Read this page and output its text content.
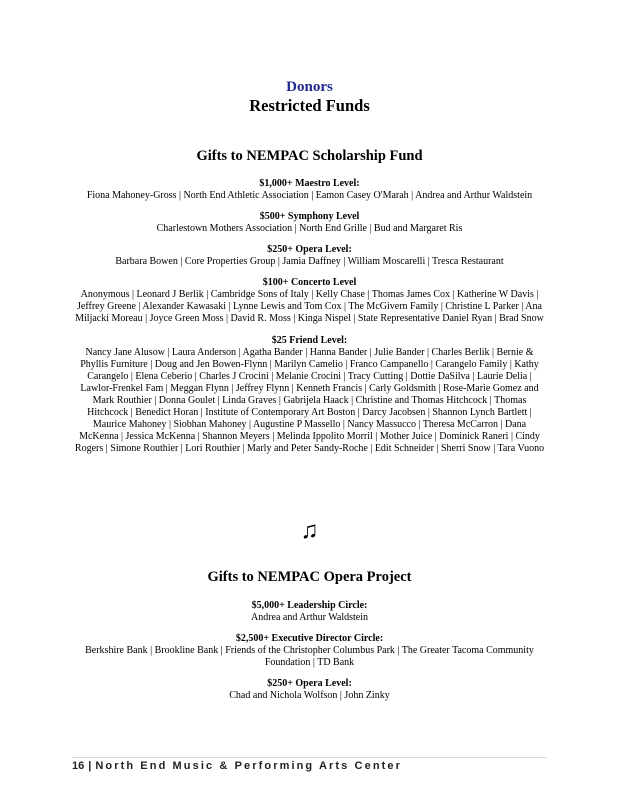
Donors
Restricted Funds

Gifts to NEMPAC Scholarship Fund

$1,000+ Maestro Level:

Fiona Mahoney-Gross | North End Athletic Association | Eamon Casey O'Marah | Andrea and Arthur Waldstein

$500+ Symphony Level

Charlestown Mothers Association | North End Grille | Bud and Margaret Ris

$250+ Opera Level:

Barbara Bowen | Core Properties Group | Jamia Daffney | William Moscarelli | Tresca Restaurant

$100+ Concerto Level

Anonymous | Leonard J Berlik | Cambridge Sons of Italy | Kelly Chase | Thomas James Cox | Katherine W Davis | Jeffrey Greene | Alexander Kawasaki | Lynne Lewis and Tom Cox | The McGivern Family | Christine L Parker | Ana Miljacki Moreau | Joyce Green Moss | David R. Moss | Kinga Nispel | State Representative Daniel Ryan | Brad Snow

$25 Friend Level:

Nancy Jane Alusow | Laura Anderson | Agatha Bander | Hanna Bander | Julie Bander | Charles Berlik | Bernie & Phyllis Furniture | Doug and Jen Bowen-Flynn | Marilyn Camelio | Franco Campanello | Carangelo Family | Kathy Carangelo | Elena Ceberio | Charles J Crocini | Melanie Crocini | Tracy Cutting | Dottie DaSilva | Laurie Delia | Lawlor-Frenkel Fam | Meggan Flynn | Jeffrey Flynn | Kenneth Francis | Carly Goldsmith | Rose-Marie Gomez and Mark Routhier | Donna Goulet | Linda Graves | Gabrijela Haack | Christine and Thomas Hitchcock | Thomas Hitchcock | Benedict Horan | Institute of Contemporary Art Boston | Darcy Jacobsen | Shannon Lynch Bartlett | Maurice Mahoney | Siobhan Mahoney | Augustine P Massello | Nancy Massucco | Theresa McCarron | Dana McKenna | Jessica McKenna | Shannon Meyers | Melinda Ippolito Morril | Mother Juice | Dominick Raneri | Cindy Rogers | Simone Routhier | Lori Routhier | Marly and Peter Sandy-Roche | Edit Schneider | Sherri Snow | Tara Vuono

♫

Gifts to NEMPAC Opera Project

$5,000+ Leadership Circle:

Andrea and Arthur Waldstein

$2,500+ Executive Director Circle:

Berkshire Bank | Brookline Bank | Friends of the Christopher Columbus Park | The Greater Tacoma Community Foundation | TD Bank

$250+ Opera Level:

Chad and Nichola Wolfson | John Zinky

16 | North End Music & Performing Arts Center
